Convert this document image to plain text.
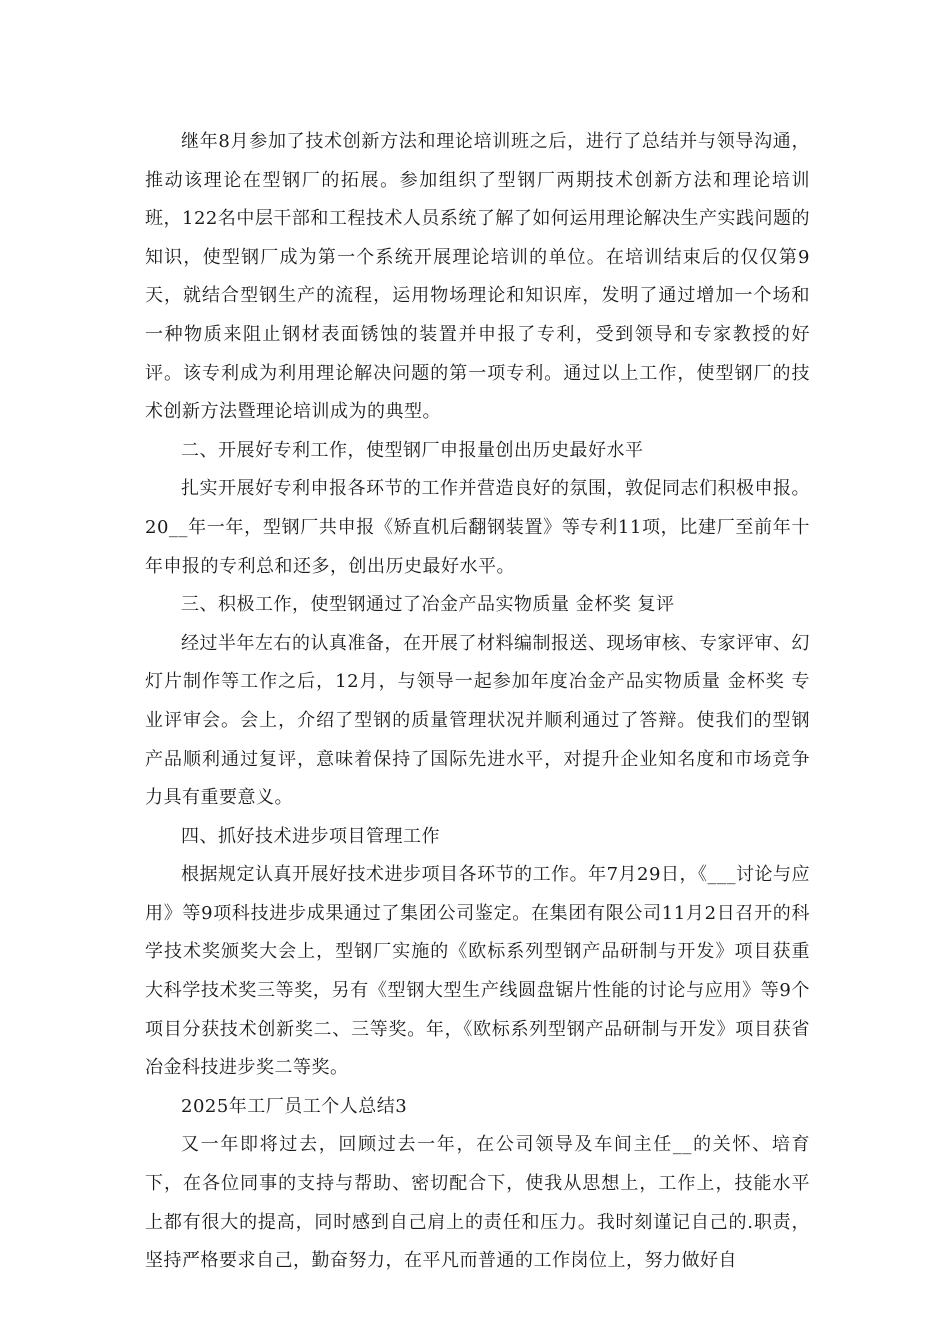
继年8月参加了技术创新方法和理论培训班之后，进行了总结并与领导沟通，推动该理论在型钢厂的拓展。参加组织了型钢厂两期技术创新方法和理论培训班，122名中层干部和工程技术人员系统了解了如何运用理论解决生产实践问题的知识，使型钢厂成为第一个系统开展理论培训的单位。在培训结束后的仅仅第9天，就结合型钢生产的流程，运用物场理论和知识库，发明了通过增加一个场和一种物质来阻止钢材表面锈蚀的装置并申报了专利，受到领导和专家教授的好评。该专利成为利用理论解决问题的第一项专利。通过以上工作，使型钢厂的技术创新方法暨理论培训成为的典型。

二、开展好专利工作，使型钢厂申报量创出历史最好水平

扎实开展好专利申报各环节的工作并营造良好的氛围，敦促同志们积极申报。20__年一年，型钢厂共申报《矫直机后翻钢装置》等专利11项，比建厂至前年十年申报的专利总和还多，创出历史最好水平。

三、积极工作，使型钢通过了冶金产品实物质量 金杯奖 复评

经过半年左右的认真准备，在开展了材料编制报送、现场审核、专家评审、幻灯片制作等工作之后，12月，与领导一起参加年度冶金产品实物质量 金杯奖 专业评审会。会上，介绍了型钢的质量管理状况并顺利通过了答辩。使我们的型钢产品顺利通过复评，意味着保持了国际先进水平，对提升企业知名度和市场竞争力具有重要意义。

四、抓好技术进步项目管理工作

根据规定认真开展好技术进步项目各环节的工作。年7月29日，《___讨论与应用》等9项科技进步成果通过了集团公司鉴定。在集团有限公司11月2日召开的科学技术奖颁奖大会上，型钢厂实施的《欧标系列型钢产品研制与开发》项目获重大科学技术奖三等奖，另有《型钢大型生产线圆盘锯片性能的讨论与应用》等9个项目分获技术创新奖二、三等奖。年，《欧标系列型钢产品研制与开发》项目获省冶金科技进步奖二等奖。

2025年工厂员工个人总结3

又一年即将过去，回顾过去一年，在公司领导及车间主任__的关怀、培育下，在各位同事的支持与帮助、密切配合下，使我从思想上，工作上，技能水平上都有很大的提高，同时感到自己肩上的责任和压力。我时刻谨记自己的.职责，坚持严格要求自己，勤奋努力，在平凡而普通的工作岗位上，努力做好自
